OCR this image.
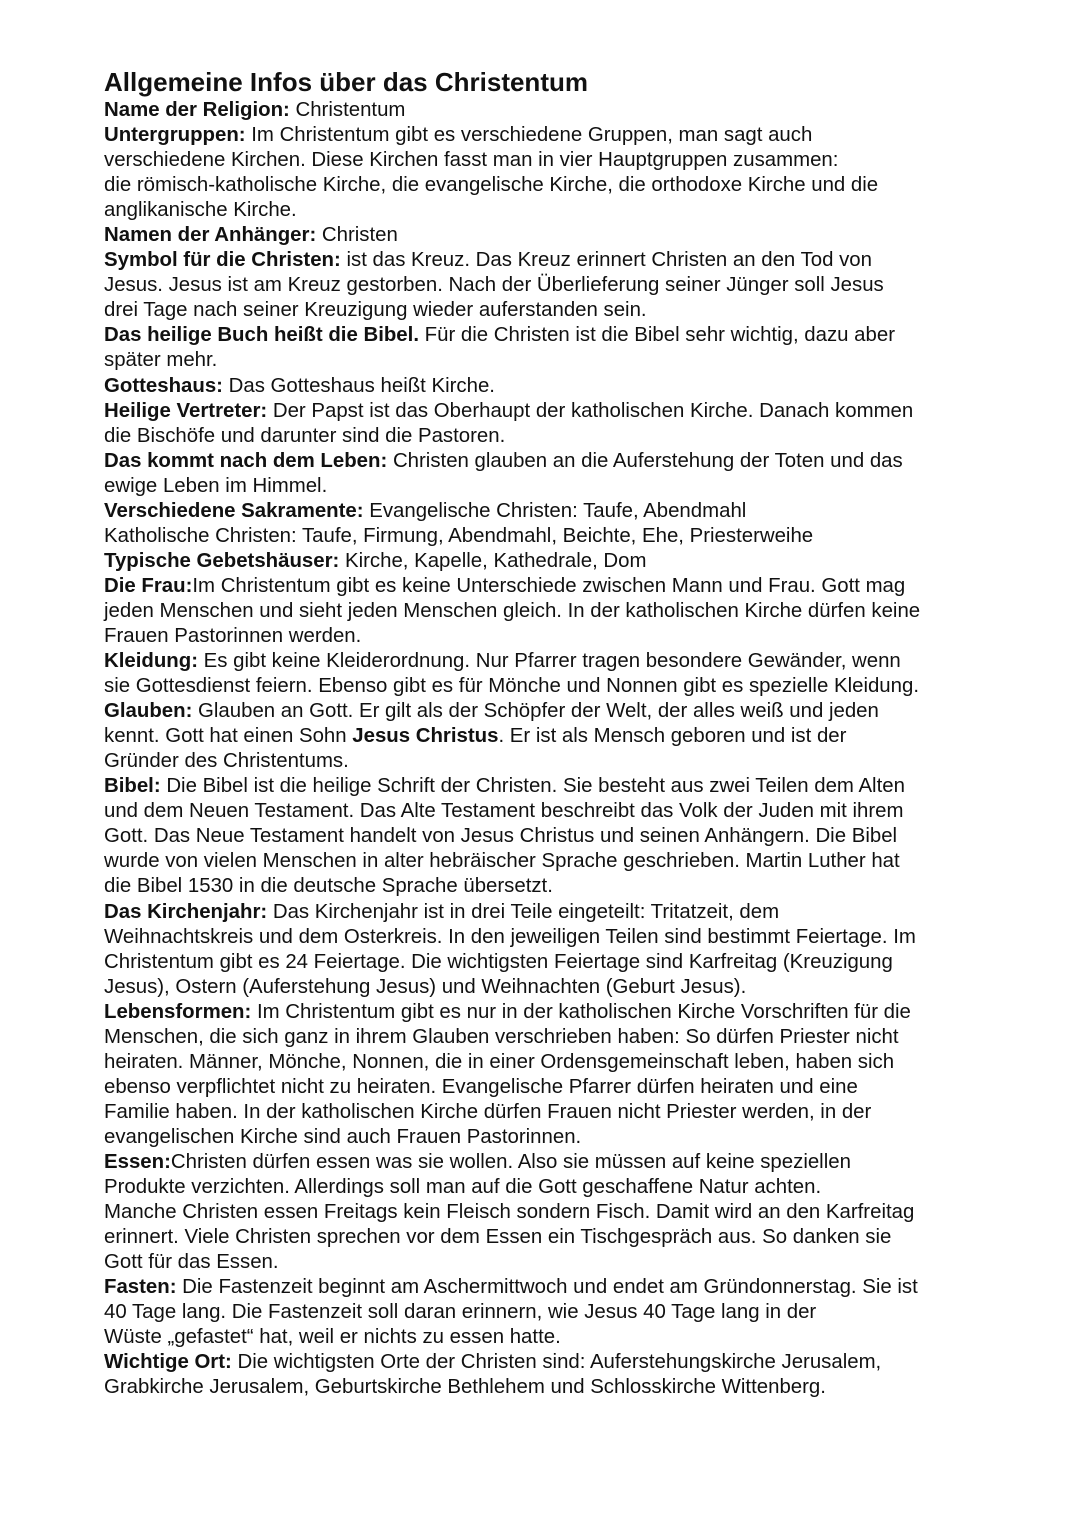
Allgemeine Infos über das Christentum
Name der Religion: Christentum
Untergruppen: Im Christentum gibt es verschiedene Gruppen, man sagt auch
verschiedene Kirchen. Diese Kirchen fasst man in vier Hauptgruppen zusammen:
die römisch-katholische Kirche, die evangelische Kirche, die orthodoxe Kirche und die
anglikanische Kirche.
Namen der Anhänger: Christen
Symbol für die Christen: ist das Kreuz. Das Kreuz erinnert Christen an den Tod von
Jesus. Jesus ist am Kreuz gestorben. Nach der Überlieferung seiner Jünger soll Jesus
drei Tage nach seiner Kreuzigung wieder auferstanden sein.
Das heilige Buch heißt die Bibel. Für die Christen ist die Bibel sehr wichtig, dazu aber
später mehr.
Gotteshaus: Das Gotteshaus heißt Kirche.
Heilige Vertreter: Der Papst ist das Oberhaupt der katholischen Kirche. Danach kommen
die Bischöfe und darunter sind die Pastoren.
Das kommt nach dem Leben: Christen glauben an die Auferstehung der Toten und das
ewige Leben im Himmel.
Verschiedene Sakramente: Evangelische Christen: Taufe, Abendmahl
Katholische Christen: Taufe, Firmung, Abendmahl, Beichte, Ehe, Priesterweihe
Typische Gebetshäuser: Kirche, Kapelle, Kathedrale, Dom
Die Frau:Im Christentum gibt es keine Unterschiede zwischen Mann und Frau. Gott mag
jeden Menschen und sieht jeden Menschen gleich. In der katholischen Kirche dürfen keine
Frauen Pastorinnen werden.
Kleidung: Es gibt keine Kleiderordnung. Nur Pfarrer tragen besondere Gewänder, wenn
sie Gottesdienst feiern. Ebenso gibt es für Mönche und Nonnen gibt es spezielle Kleidung.
Glauben: Glauben an Gott. Er gilt als der Schöpfer der Welt, der alles weiß und jeden
kennt. Gott hat einen Sohn Jesus Christus. Er ist als Mensch geboren und ist der
Gründer des Christentums.
Bibel: Die Bibel ist die heilige Schrift der Christen. Sie besteht aus zwei Teilen dem Alten
und dem Neuen Testament. Das Alte Testament beschreibt das Volk der Juden mit ihrem
Gott. Das Neue Testament handelt von Jesus Christus und seinen Anhängern. Die Bibel
wurde von vielen Menschen in alter hebräischer Sprache geschrieben. Martin Luther hat
die Bibel 1530 in die deutsche Sprache übersetzt.
Das Kirchenjahr: Das Kirchenjahr ist in drei Teile eingeteilt: Tritatzeit, dem
Weihnachtskreis und dem Osterkreis. In den jeweiligen Teilen sind bestimmt Feiertage. Im
Christentum gibt es 24 Feiertage. Die wichtigsten Feiertage sind Karfreitag (Kreuzigung
Jesus), Ostern (Auferstehung Jesus) und Weihnachten (Geburt Jesus).
Lebensformen: Im Christentum gibt es nur in der katholischen Kirche Vorschriften für die
Menschen, die sich ganz in ihrem Glauben verschrieben haben: So dürfen Priester nicht
heiraten. Männer, Mönche, Nonnen, die in einer Ordensgemeinschaft leben, haben sich
ebenso verpflichtet nicht zu heiraten. Evangelische Pfarrer dürfen heiraten und eine
Familie haben. In der katholischen Kirche dürfen Frauen nicht Priester werden, in der
evangelischen Kirche sind auch Frauen Pastorinnen.
Essen:Christen dürfen essen was sie wollen. Also sie müssen auf keine speziellen
Produkte verzichten. Allerdings soll man auf die Gott geschaffene Natur achten.
Manche Christen essen Freitags kein Fleisch sondern Fisch. Damit wird an den Karfreitag
erinnert. Viele Christen sprechen vor dem Essen ein Tischgespräch aus. So danken sie
Gott für das Essen.
Fasten: Die Fastenzeit beginnt am Aschermittwoch und endet am Gründonnerstag. Sie ist
40 Tage lang. Die Fastenzeit soll daran erinnern, wie Jesus 40 Tage lang in der
Wüste „gefastet“ hat, weil er nichts zu essen hatte.
Wichtige Ort: Die wichtigsten Orte der Christen sind: Auferstehungskirche Jerusalem,
Grabkirche Jerusalem, Geburtskirche Bethlehem und Schlosskirche Wittenberg.
